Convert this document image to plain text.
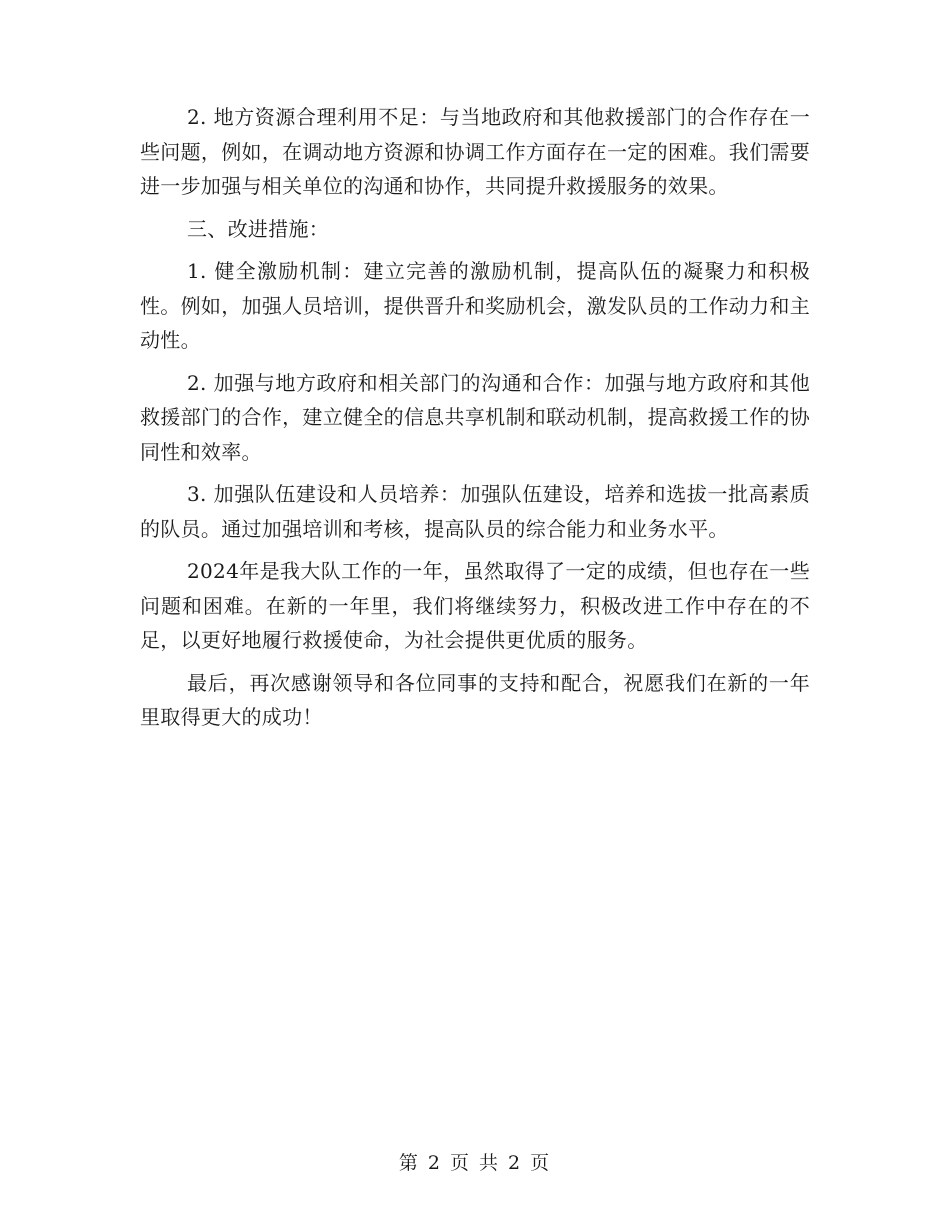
2. 地方资源合理利用不足：与当地政府和其他救援部门的合作存在一些问题，例如，在调动地方资源和协调工作方面存在一定的困难。我们需要进一步加强与相关单位的沟通和协作，共同提升救援服务的效果。

三、改进措施：

1. 健全激励机制：建立完善的激励机制，提高队伍的凝聚力和积极性。例如，加强人员培训，提供晋升和奖励机会，激发队员的工作动力和主动性。

2. 加强与地方政府和相关部门的沟通和合作：加强与地方政府和其他救援部门的合作，建立健全的信息共享机制和联动机制，提高救援工作的协同性和效率。

3. 加强队伍建设和人员培养：加强队伍建设，培养和选拔一批高素质的队员。通过加强培训和考核，提高队员的综合能力和业务水平。

2024年是我大队工作的一年，虽然取得了一定的成绩，但也存在一些问题和困难。在新的一年里，我们将继续努力，积极改进工作中存在的不足，以更好地履行救援使命，为社会提供更优质的服务。

最后，再次感谢领导和各位同事的支持和配合，祝愿我们在新的一年里取得更大的成功！

第 2 页 共 2 页
